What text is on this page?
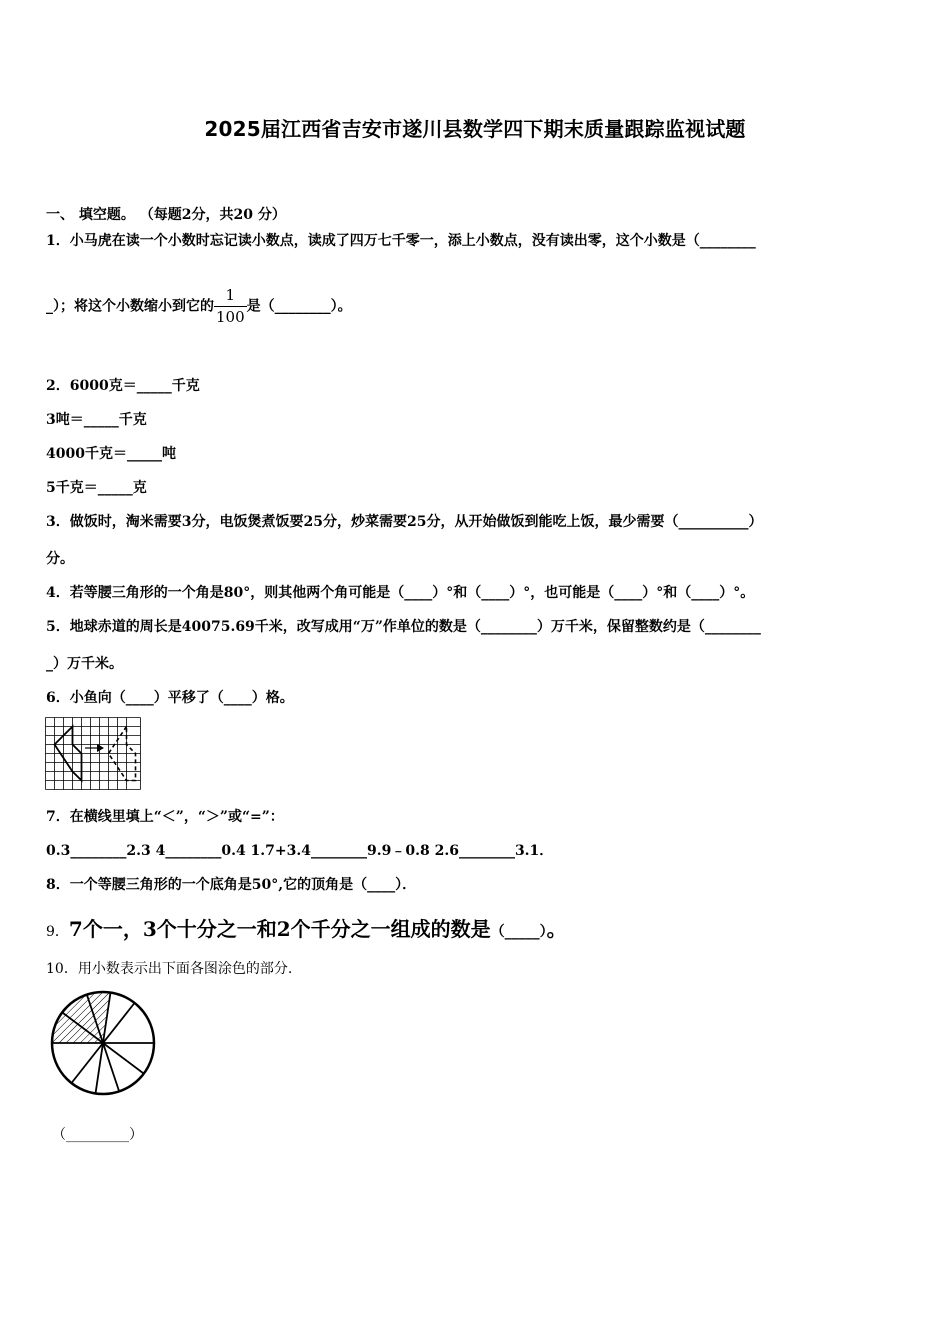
2025届江西省吉安市遂川县数学四下期末质量跟踪监视试题
一、 填空题。 （每题2分，共20 分）
1．小马虎在读一个小数时忘记读小数点，读成了四万七千零一，添上小数点，没有读出零，这个小数是（________
_）；将这个小数缩小到它的 $\frac{1}{100}$ 是（________）。
2．6000克＝_____千克
3吨＝_____千克
4000千克＝_____吨
5千克＝_____克
3．做饭时，淘米需要3分，电饭煲煮饭要25分，炒菜需要25分，从开始做饭到能吃上饭，最少需要（__________）
分。
4．若等腰三角形的一个角是80°，则其他两个角可能是（____）°和（____）°，也可能是（____）°和（____）°。
5．地球赤道的周长是40075.69千米，改写成用“万”作单位的数是（________）万千米，保留整数约是（________
_）万千米。
6．小鱼向（____）平移了（____）格。
7．在横线里填上“＜”，“＞”或“=”：
0.3________2.3 4________0.4 1.7+3.4________9.9﹣0.8 2.6________3.1．
8．一个等腰三角形的一个底角是50°,它的顶角是（____）．
9．7个一，3个十分之一和2个千分之一组成的数是（_____）。
10．用小数表示出下面各图涂色的部分.
（_________）
